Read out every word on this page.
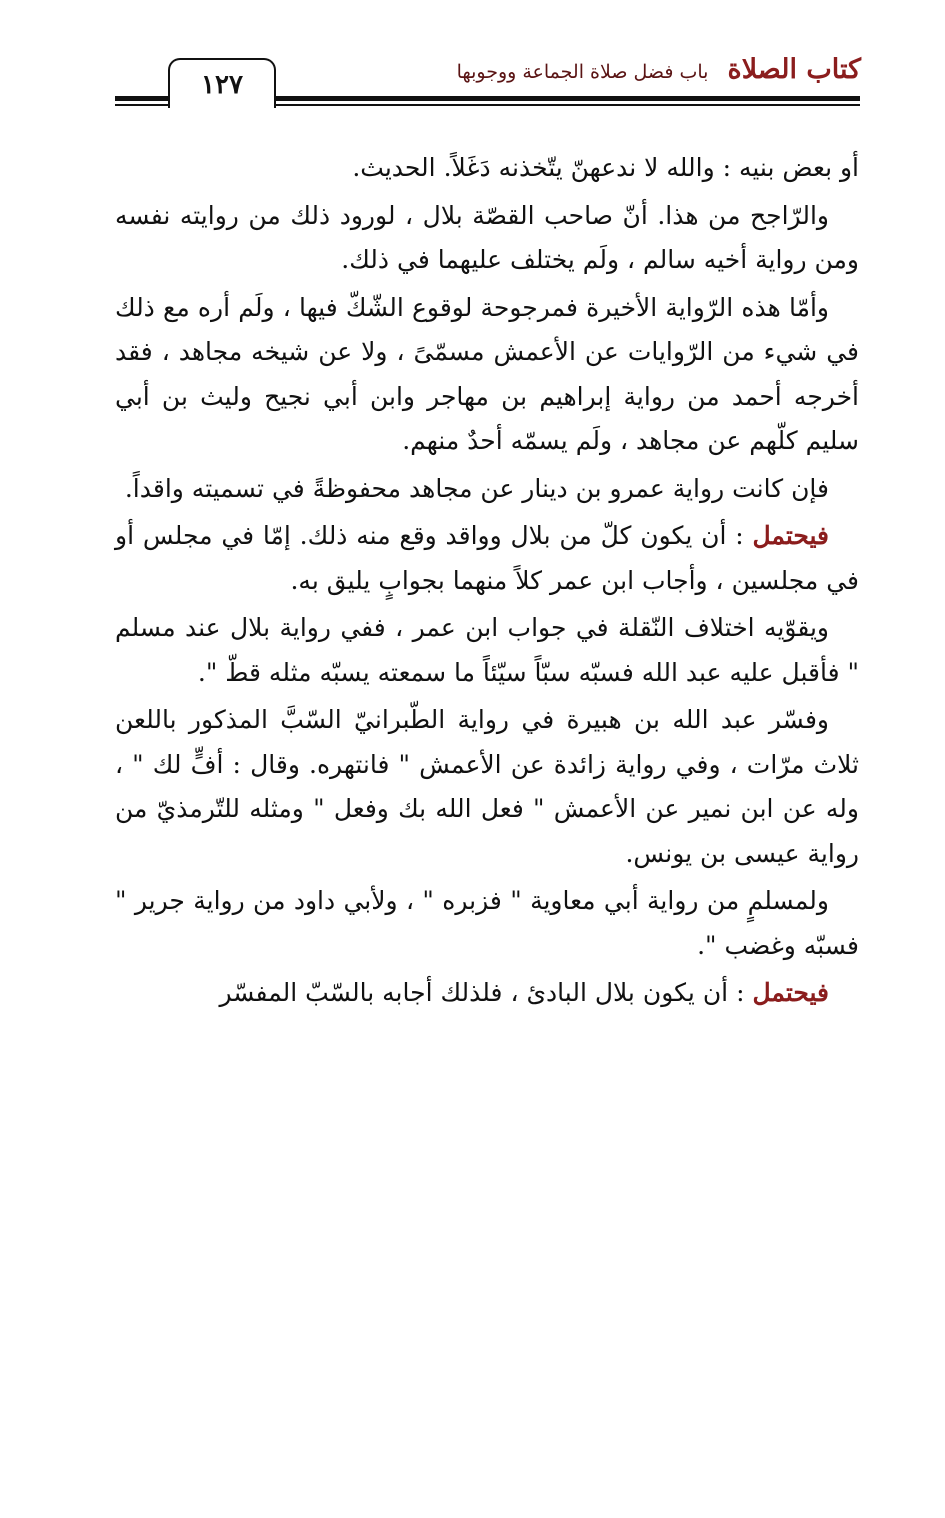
١٢٧	كتاب الصلاة باب فضل صلاة الجماعة ووجوبها

أو بعض بنيه : والله لا ندعهنّ يتّخذنه دَغَلاً. الحديث.

والرّاجح من هذا. أنّ صاحب القصّة بلال ، لورود ذلك من روايته نفسه ومن رواية أخيه سالم ، ولَم يختلف عليهما في ذلك.

وأمّا هذه الرّواية الأخيرة فمرجوحة لوقوع الشّكّ فيها ، ولَم أره مع ذلك في شيء من الرّوايات عن الأعمش مسمّىً ، ولا عن شيخه مجاهد ، فقد أخرجه أحمد من رواية إبراهيم بن مهاجر وابن أبي نجيح وليث بن أبي سليم كلّهم عن مجاهد ، ولَم يسمّه أحدٌ منهم.

فإن كانت رواية عمرو بن دينار عن مجاهد محفوظةً في تسميته واقداً.

فيحتمل : أن يكون كلّ من بلال وواقد وقع منه ذلك. إمّا في مجلس أو في مجلسين ، وأجاب ابن عمر كلاً منهما بجوابٍ يليق به.

ويقوّيه اختلاف النّقلة في جواب ابن عمر ، ففي رواية بلال عند مسلم " فأقبل عليه عبد الله فسبّه سبّاً سيّئاً ما سمعته يسبّه مثله قطّ ".

وفسّر عبد الله بن هبيرة في رواية الطّبرانيّ السّبَّ المذكور باللعن ثلاث مرّات ، وفي رواية زائدة عن الأعمش " فانتهره. وقال : أفٍّ لك " ، وله عن ابن نمير عن الأعمش " فعل الله بك وفعل " ومثله للتّرمذيّ من رواية عيسى بن يونس.

ولمسلمٍ من رواية أبي معاوية " فزبره " ، ولأبي داود من رواية جرير " فسبّه وغضب ".

فيحتمل : أن يكون بلال البادئ ، فلذلك أجابه بالسّبّ المفسّر
